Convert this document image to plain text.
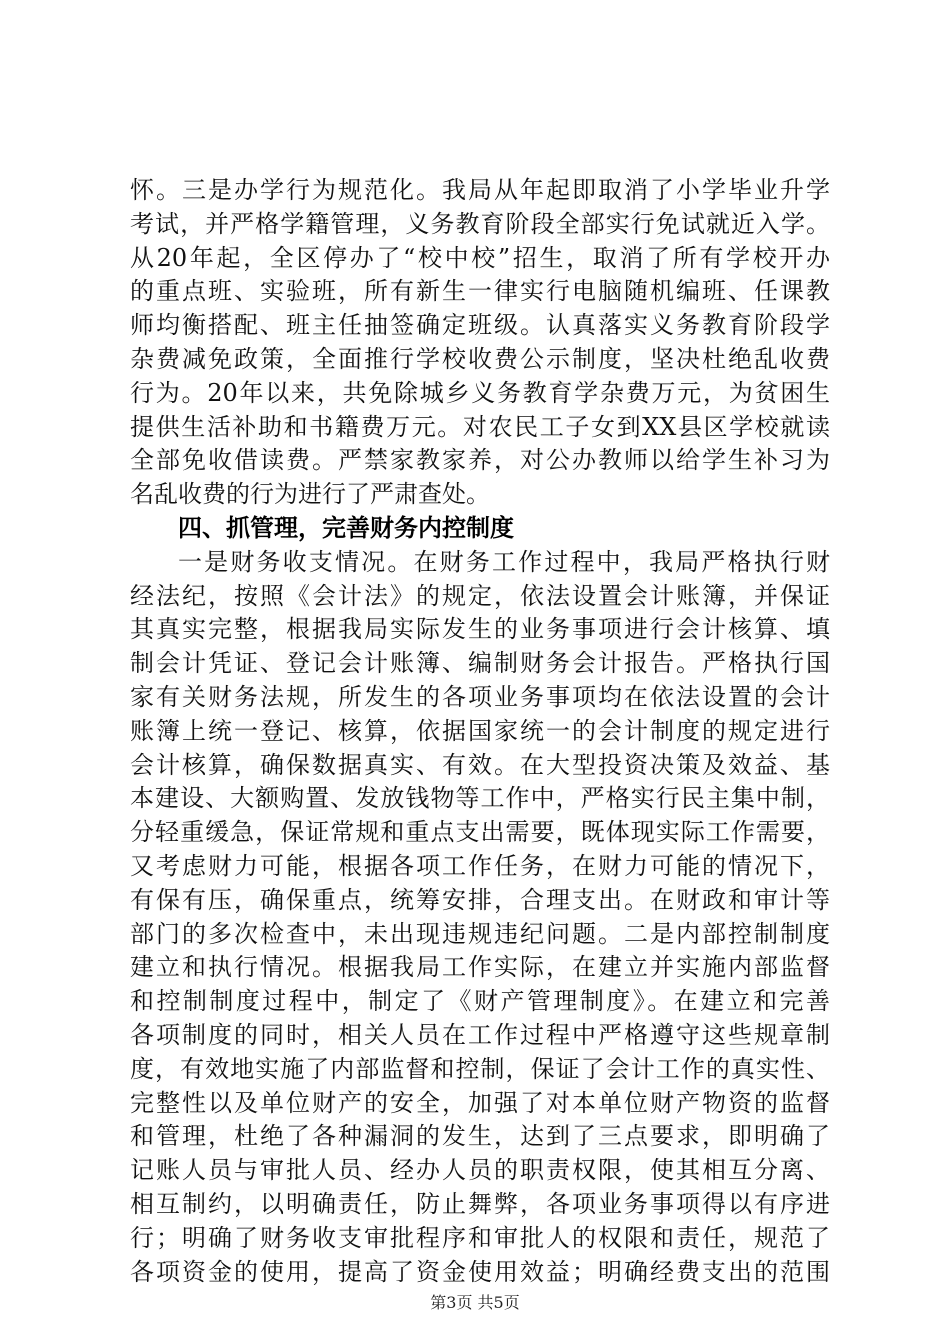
怀。三是办学行为规范化。我局从年起即取消了小学毕业升学
考试，并严格学籍管理，义务教育阶段全部实行免试就近入学。
从20年起，全区停办了“校中校”招生，取消了所有学校开办
的重点班、实验班，所有新生一律实行电脑随机编班、任课教
师均衡搭配、班主任抽签确定班级。认真落实义务教育阶段学
杂费减免政策，全面推行学校收费公示制度，坚决杜绝乱收费
行为。20年以来，共免除城乡义务教育学杂费万元，为贫困生
提供生活补助和书籍费万元。对农民工子女到XX县区学校就读
全部免收借读费。严禁家教家养，对公办教师以给学生补习为
名乱收费的行为进行了严肃查处。
四、抓管理，完善财务内控制度
一是财务收支情况。在财务工作过程中，我局严格执行财
经法纪，按照《会计法》的规定，依法设置会计账簿，并保证
其真实完整，根据我局实际发生的业务事项进行会计核算、填
制会计凭证、登记会计账簿、编制财务会计报告。严格执行国
家有关财务法规，所发生的各项业务事项均在依法设置的会计
账簿上统一登记、核算，依据国家统一的会计制度的规定进行
会计核算，确保数据真实、有效。在大型投资决策及效益、基
本建设、大额购置、发放钱物等工作中，严格实行民主集中制，
分轻重缓急，保证常规和重点支出需要，既体现实际工作需要，
又考虑财力可能，根据各项工作任务，在财力可能的情况下，
有保有压，确保重点，统筹安排，合理支出。在财政和审计等
部门的多次检查中，未出现违规违纪问题。二是内部控制制度
建立和执行情况。根据我局工作实际，在建立并实施内部监督
和控制制度过程中，制定了《财产管理制度》。在建立和完善
各项制度的同时，相关人员在工作过程中严格遵守这些规章制
度，有效地实施了内部监督和控制，保证了会计工作的真实性、
完整性以及单位财产的安全，加强了对本单位财产物资的监督
和管理，杜绝了各种漏洞的发生，达到了三点要求，即明确了
记账人员与审批人员、经办人员的职责权限，使其相互分离、
相互制约，以明确责任，防止舞弊，各项业务事项得以有序进
行；明确了财务收支审批程序和审批人的权限和责任，规范了
各项资金的使用，提高了资金使用效益；明确经费支出的范围
第3页 共5页
